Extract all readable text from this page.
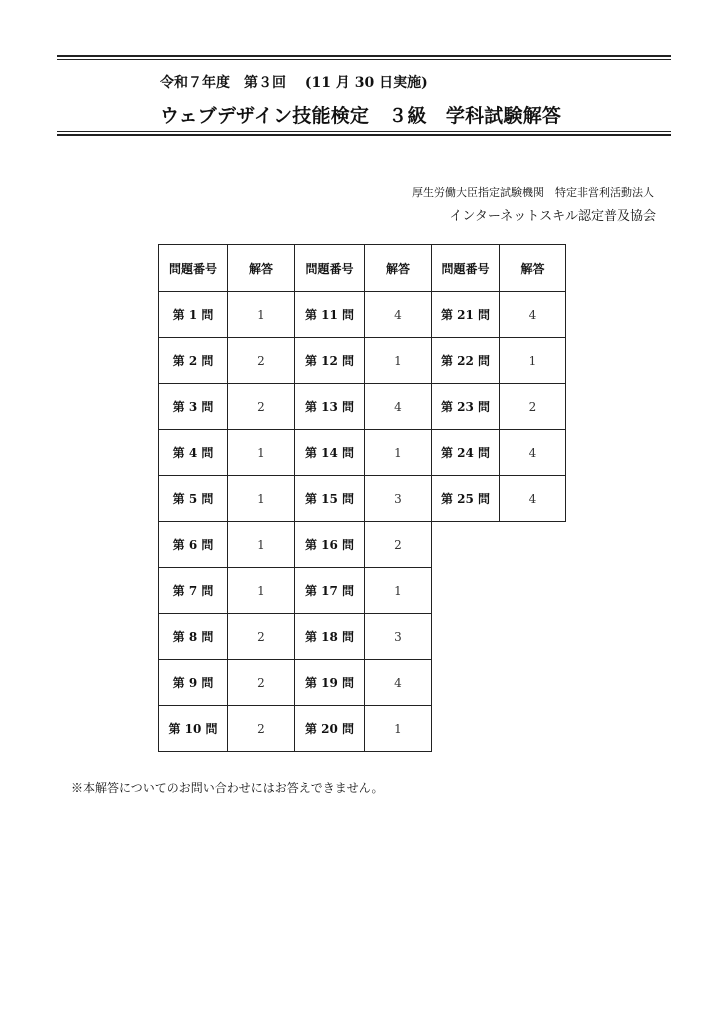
令和７年度　第３回　 (11 月 30 日実施)
ウェブデザイン技能検定　３級　学科試験解答
厚生労働大臣指定試験機関　特定非営利活動法人
インターネットスキル認定普及協会
問題番号	解答	問題番号	解答	問題番号	解答
第 1 問	1	第 11 問	4	第 21 問	4
第 2 問	2	第 12 問	1	第 22 問	1
第 3 問	2	第 13 問	4	第 23 問	2
第 4 問	1	第 14 問	1	第 24 問	4
第 5 問	1	第 15 問	3	第 25 問	4
第 6 問	1	第 16 問	2		
第 7 問	1	第 17 問	1		
第 8 問	2	第 18 問	3		
第 9 問	2	第 19 問	4		
第 10 問	2	第 20 問	1		
※本解答についてのお問い合わせにはお答えできません。
